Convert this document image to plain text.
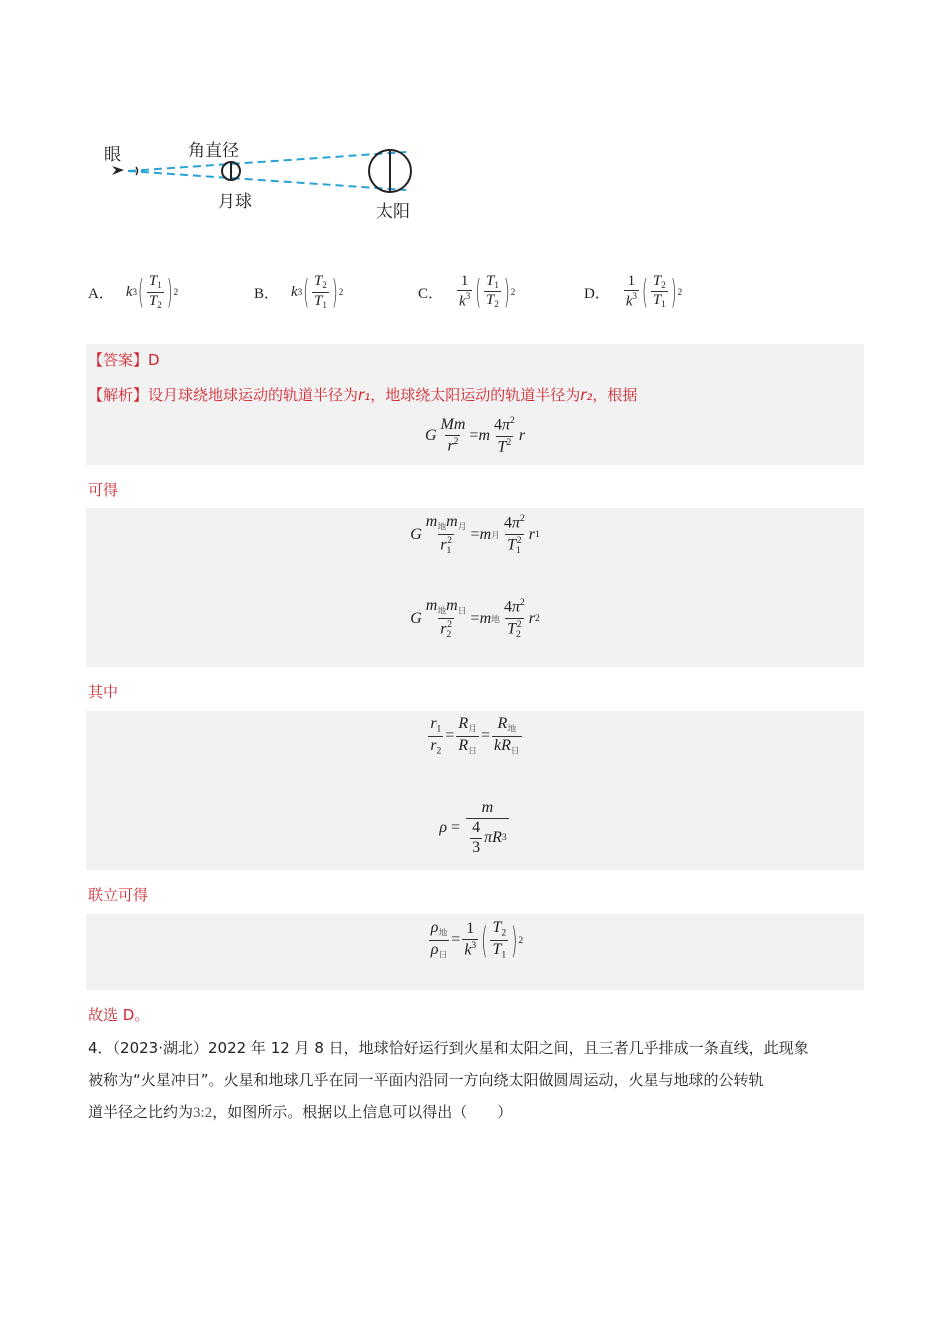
眼	角直径
月球	太阳
A． k 3 ( $\frac{T_1}{T_2}$ ) 2	B． k 3 ( $\frac{T_2}{T_1}$ ) 2	C． $\frac{1}{k^3}$ ( $\frac{T_1}{T_2}$ ) 2	D． $\frac{1}{k^3}$ ( $\frac{T_2}{T_1}$ ) 2
【答案】D
【解析】设月球绕地球运动的轨道半径为r₁，地球绕太阳运动的轨道半径为r₂，根据
G $\frac{Mm}{r^2} = m \frac{4\pi^2}{T^2}$ r
可得
G $\frac{m_地m_月}{r_1^2} = m$ 月 $\frac{4\pi^2}{T_1^2}$ r 1
G $\frac{m_地m_日}{r_2^2} = m$ 地 $\frac{4\pi^2}{T_2^2}$ r 2
其中
$\frac{r_1}{r_2} = \frac{R_月}{R_日} = \frac{R_地}{kR_日}$
$\rho = \frac{m}{\frac{4}{3} \pi R 3}$
联立可得
$\frac{\rho_地}{\rho_日} = \frac{1}{k^3}$ ( $\frac{T_2}{T_1}$ ) 2
故选 D。
4．（2023·湖北）2022 年 12 月 8 日，地球恰好运行到火星和太阳之间，且三者几乎排成一条直线，此现象
被称为“火星冲日”。火星和地球几乎在同一平面内沿同一方向绕太阳做圆周运动，火星与地球的公转轨
道半径之比约为3:2，如图所示。根据以上信息可以得出（　　）
